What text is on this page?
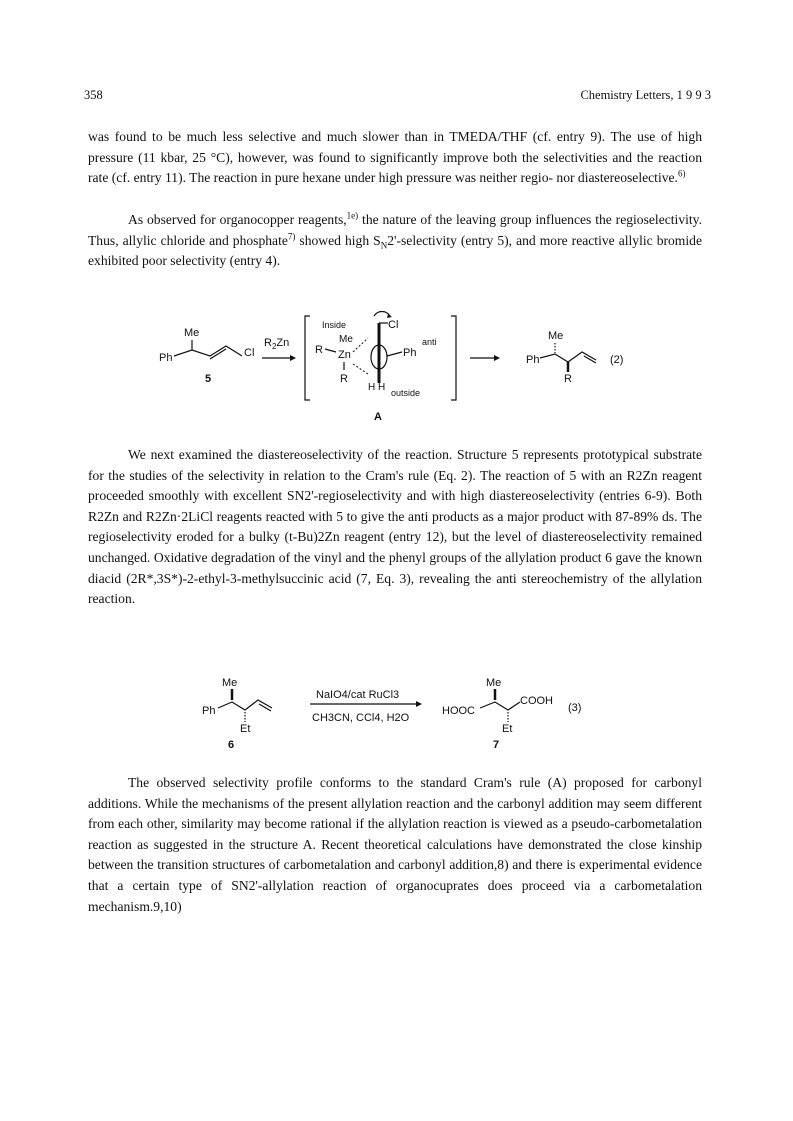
358	Chemistry Letters, 1 9 9 3

was found to be much less selective and much slower than in TMEDA/THF (cf. entry 9). The use of high pressure (11 kbar, 25 °C), however, was found to significantly improve both the selectivities and the reaction rate (cf. entry 11). The reaction in pure hexane under high pressure was neither regio- nor diastereoselective.$^{6)}$

As observed for organocopper reagents,$^{1e)}$ the nature of the leaving group influences the regioselectivity. Thus, allylic chloride and phosphate$^{7)}$ showed high $S_N2'$-selectivity (entry 5), and more reactive allylic bromide exhibited poor selectivity (entry 4).

Me
Ph	Cl
5
$R_2Zn$
Inside
anti
outside
Me
R Zn
R
Cl
Ph
H H
A
Me
Ph
R
(2)

We next examined the diastereoselectivity of the reaction. Structure 5 represents prototypical substrate for the studies of the selectivity in relation to the Cram's rule (Eq. 2). The reaction of 5 with an R2Zn reagent proceeded smoothly with excellent SN2'-regioselectivity and with high diastereoselectivity (entries 6-9). Both R2Zn and R2Zn·2LiCl reagents reacted with 5 to give the anti products as a major product with 87-89% ds. The regioselectivity eroded for a bulky (t-Bu)2Zn reagent (entry 12), but the level of diastereoselectivity remained unchanged. Oxidative degradation of the vinyl and the phenyl groups of the allylation product 6 gave the known diacid (2R*,3S*)-2-ethyl-3-methylsuccinic acid (7, Eq. 3), revealing the anti stereochemistry of the allylation reaction.

Me
Ph
Et
6
NaIO4/cat RuCl3
CH3CN, CCl4, H2O
Me
HOOC
COOH
Et
7
(3)

The observed selectivity profile conforms to the standard Cram's rule (A) proposed for carbonyl additions. While the mechanisms of the present allylation reaction and the carbonyl addition may seem different from each other, similarity may become rational if the allylation reaction is viewed as a pseudo-carbometalation reaction as suggested in the structure A. Recent theoretical calculations have demonstrated the close kinship between the transition structures of carbometalation and carbonyl addition,8) and there is experimental evidence that a certain type of SN2'-allylation reaction of organocuprates does proceed via a carbometalation mechanism.9,10)
